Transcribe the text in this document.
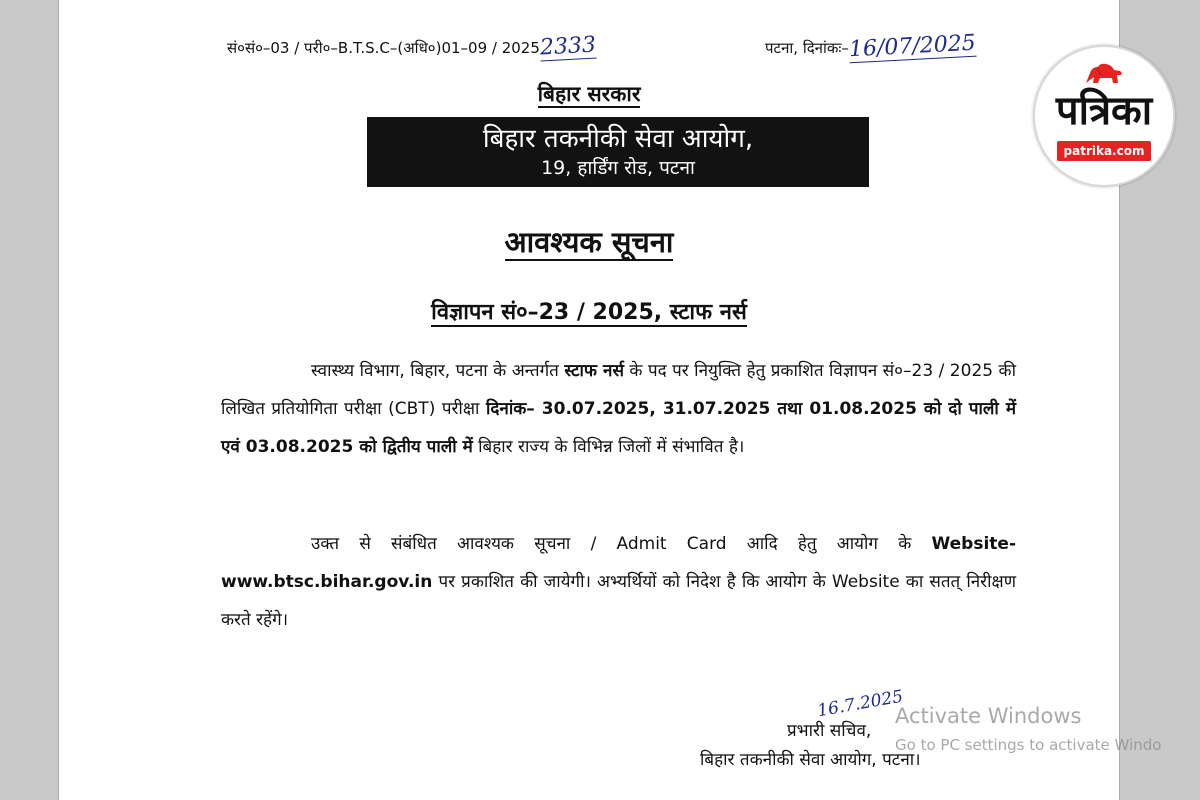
सं०सं०–03 / परी०–B.T.S.C–(अधि०)01–09 / 20252333	पटना, दिनांकः–16/07/2025
बिहार सरकार
बिहार तकनीकी सेवा आयोग,
19, हार्डिंग रोड, पटना
आवश्यक सूचना
विज्ञापन सं०–23 / 2025, स्टाफ नर्स
स्वास्थ्य विभाग, बिहार, पटना के अन्तर्गत स्टाफ नर्स के पद पर नियुक्ति हेतु प्रकाशित विज्ञापन सं०–23 / 2025 की लिखित प्रतियोगिता परीक्षा (CBT) परीक्षा दिनांक– 30.07.2025, 31.07.2025 तथा 01.08.2025 को दो पाली में एवं 03.08.2025 को द्वितीय पाली में बिहार राज्य के विभिन्न जिलों में संभावित है।
उक्त से संबंधित आवश्यक सूचना / Admit Card आदि हेतु आयोग के Website- www.btsc.bihar.gov.in पर प्रकाशित की जायेगी। अभ्यर्थियों को निदेश है कि आयोग के Website का सतत् निरीक्षण करते रहेंगे।
16.7.2025
प्रभारी सचिव,
बिहार तकनीकी सेवा आयोग, पटना।
Activate Windows
Go to PC settings to activate Windo
पत्रिका
patrika.com
